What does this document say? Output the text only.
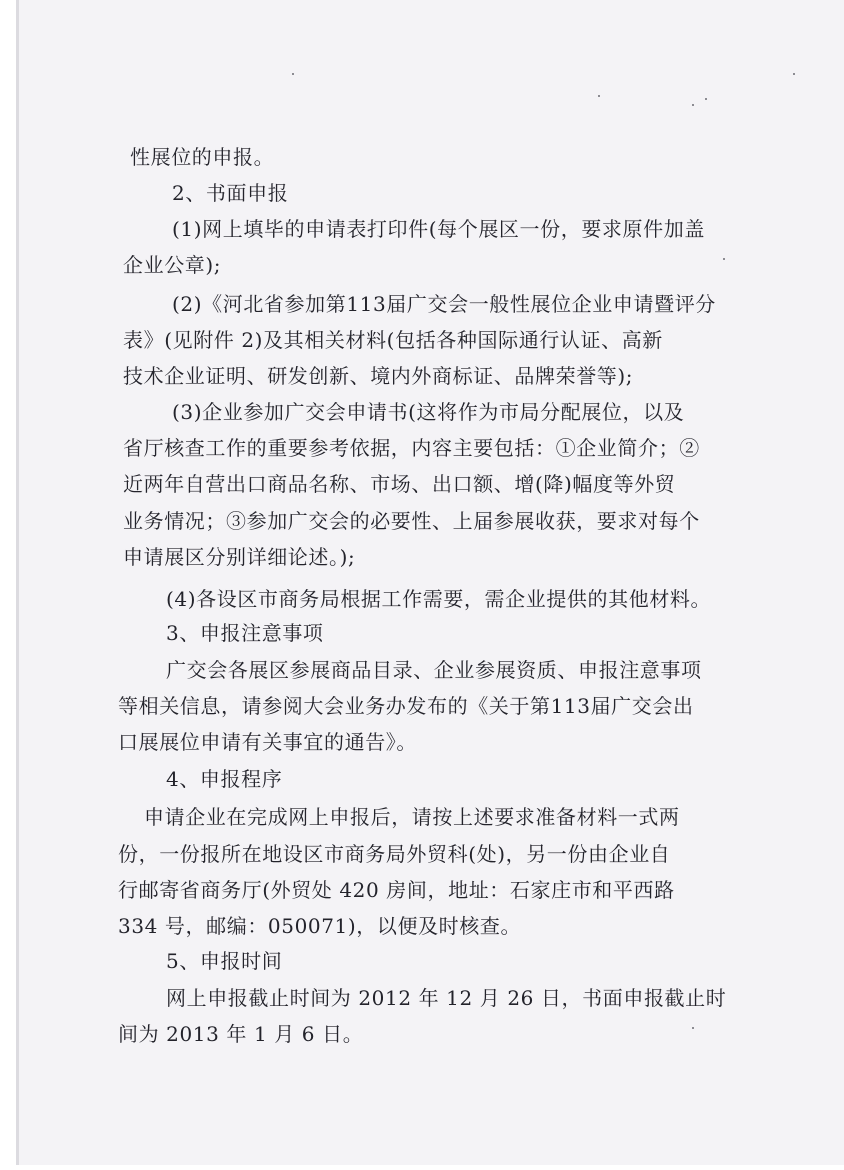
性展位的申报。
2、书面申报
(1)网上填毕的申请表打印件(每个展区一份，要求原件加盖
企业公章);
(2)《河北省参加第113届广交会一般性展位企业申请暨评分
表》(见附件 2)及其相关材料(包括各种国际通行认证、高新
技术企业证明、研发创新、境内外商标证、品牌荣誉等);
(3)企业参加广交会申请书(这将作为市局分配展位，以及
省厅核查工作的重要参考依据，内容主要包括：①企业简介；②
近两年自营出口商品名称、市场、出口额、增(降)幅度等外贸
业务情况；③参加广交会的必要性、上届参展收获，要求对每个
申请展区分别详细论述。);
(4)各设区市商务局根据工作需要，需企业提供的其他材料。
3、申报注意事项
广交会各展区参展商品目录、企业参展资质、申报注意事项
等相关信息，请参阅大会业务办发布的《关于第113届广交会出
口展展位申请有关事宜的通告》。
4、申报程序
申请企业在完成网上申报后，请按上述要求准备材料一式两
份，一份报所在地设区市商务局外贸科(处)，另一份由企业自
行邮寄省商务厅(外贸处 420 房间，地址：石家庄市和平西路
334 号，邮编：050071)，以便及时核查。
5、申报时间
网上申报截止时间为 2012 年 12 月 26 日，书面申报截止时
间为 2013 年 1 月 6 日。
